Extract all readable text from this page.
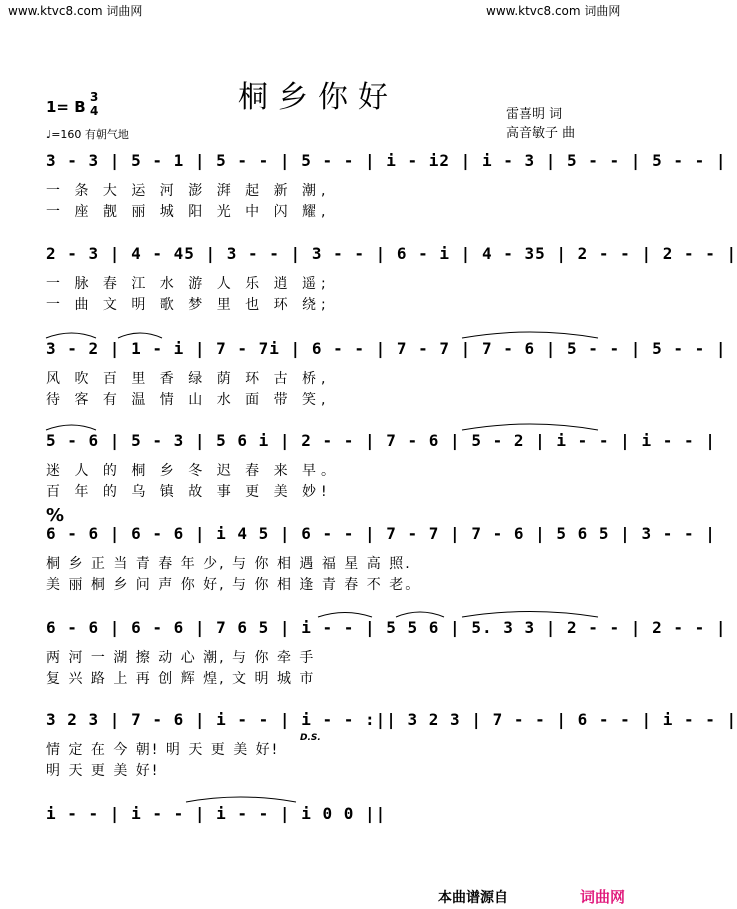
www.ktvc8.com 词曲网	www.ktvc8.com 词曲网
桐乡你好
1= B
3
4
♩=160 有朝气地
雷喜明 词
高音敏子 曲
3 - 3 | 5 - 1 | 5 - - | 5 - - | i - i2 | i - 3 | 5 - - | 5 - - |
一 条 大 运 河 澎 湃 起 新 潮,
一 座 靓 丽 城 阳 光 中 闪 耀,
2 - 3 | 4 - 45 | 3 - - | 3 - - | 6 - i | 4 - 35 | 2 - - | 2 - - |
一 脉 春 江 水 游 人 乐 逍 遥;
一 曲 文 明 歌 梦 里 也 环 绕;
3 - 2 | 1 - i | 7 - 7i | 6 - - | 7 - 7 | 7 - 6 | 5 - - | 5 - - |
风 吹 百 里 香 绿 荫 环 古 桥,
待 客 有 温 情 山 水 面 带 笑,
5 - 6 | 5 - 3 | 5 6 i | 2 - - | 7 - 6 | 5 - 2 | i - - | i - - |
迷 人 的 桐 乡 冬 迟 春 来 早。
百 年 的 乌 镇 故 事 更 美 妙!
%
6 - 6 | 6 - 6 | i 4 5 | 6 - - | 7 - 7 | 7 - 6 | 5 6 5 | 3 - - |
桐 乡 正 当 青 春 年 少, 与 你 相 遇 福 星 高 照.
美 丽 桐 乡 问 声 你 好, 与 你 相 逢 青 春 不 老。
6 - 6 | 6 - 6 | 7 6 5 | i - - | 5 5 6 | 5. 3 3 | 2 - - | 2 - - |
两 河 一 湖 擦 动 心 潮, 与 你 牵 手
复 兴 路 上 再 创 辉 煌, 文 明 城 市
3 2 3 | 7 - 6 | i - - | i - - :|| 3 2 3 | 7 - - | 6 - - | i - - |
D.S.
情 定 在 今 朝! 明 天 更 美 好!
明 天 更 美 好!
i - - | i - - | i - - | i 0 0 ||
本曲谱源自	词曲网
